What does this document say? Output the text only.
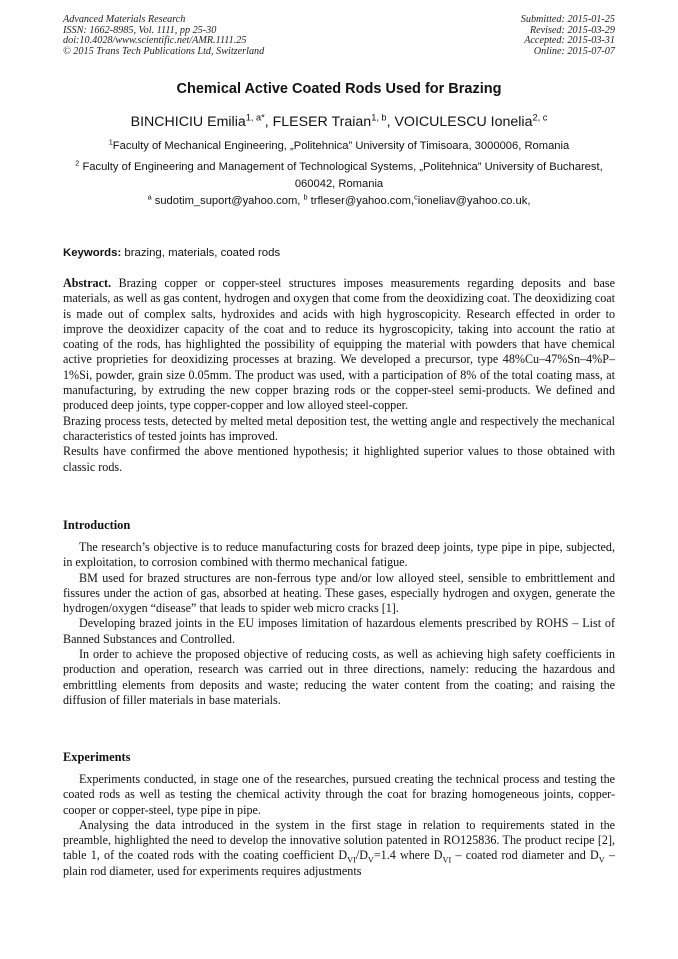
Advanced Materials Research
ISSN: 1662-8985, Vol. 1111, pp 25-30
doi:10.4028/www.scientific.net/AMR.1111.25
© 2015 Trans Tech Publications Ltd, Switzerland
Submitted: 2015-01-25
Revised: 2015-03-29
Accepted: 2015-03-31
Online: 2015-07-07
Chemical Active Coated Rods Used for Brazing
BINCHICIU Emilia$^{1, a*}$, FLESER Traian$^{1, b}$, VOICULESCU Ionelia$^{2, c}$
$^1$Faculty of Mechanical Engineering, „Politehnica” University of Timisoara, 3000006, Romania
$^2$ Faculty of Engineering and Management of Technological Systems, „Politehnica” University of Bucharest, 060042, Romania
$^a$ sudotim_suport@yahoo.com, $^b$ trfleser@yahoo.com,$^c$ioneliav@yahoo.co.uk,
Keywords: brazing, materials, coated rods

Abstract. Brazing copper or copper-steel structures imposes measurements regarding deposits and base materials, as well as gas content, hydrogen and oxygen that come from the deoxidizing coat. The deoxidizing coat is made out of complex salts, hydroxides and acids with high hygroscopicity. Research effected in order to improve the deoxidizer capacity of the coat and to reduce its hygroscopicity, taking into account the ratio at coating of the rods, has highlighted the possibility of equipping the material with powders that have chemical active proprieties for deoxidizing processes at brazing. We developed a precursor, type 48%Cu–47%Sn–4%P–1%Si, powder, grain size 0.05mm. The product was used, with a participation of 8% of the total coating mass, at manufacturing, by extruding the new copper brazing rods or the copper-steel semi-products. We defined and produced deep joints, type copper-copper and low alloyed steel-copper.

Brazing process tests, detected by melted metal deposition test, the wetting angle and respectively the mechanical characteristics of tested joints has improved.

Results have confirmed the above mentioned hypothesis; it highlighted superior values to those obtained with classic rods.

Introduction

The research’s objective is to reduce manufacturing costs for brazed deep joints, type pipe in pipe, subjected, in exploitation, to corrosion combined with thermo mechanical fatigue.

BM used for brazed structures are non-ferrous type and/or low alloyed steel, sensible to embrittlement and fissures under the action of gas, absorbed at heating. These gases, especially hydrogen and oxygen, generate the hydrogen/oxygen “disease” that leads to spider web micro cracks [1].

Developing brazed joints in the EU imposes limitation of hazardous elements prescribed by ROHS – List of Banned Substances and Controlled.

In order to achieve the proposed objective of reducing costs, as well as achieving high safety coefficients in production and operation, research was carried out in three directions, namely: reducing the hazardous and embrittling elements from deposits and waste; reducing the water content from the coating; and raising the diffusion of filler materials in base materials.

Experiments

Experiments conducted, in stage one of the researches, pursued creating the technical process and testing the coated rods as well as testing the chemical activity through the coat for brazing homogeneous joints, copper-cooper or copper-steel, type pipe in pipe.

Analysing the data introduced in the system in the first stage in relation to requirements stated in the preamble, highlighted the need to develop the innovative solution patented in RO125836. The product recipe [2], table 1, of the coated rods with the coating coefficient $D_{VI}/D_V=1.4$ where $D_{VI}$ – coated rod diameter and $D_V$ – plain rod diameter, used for experiments requires adjustments
